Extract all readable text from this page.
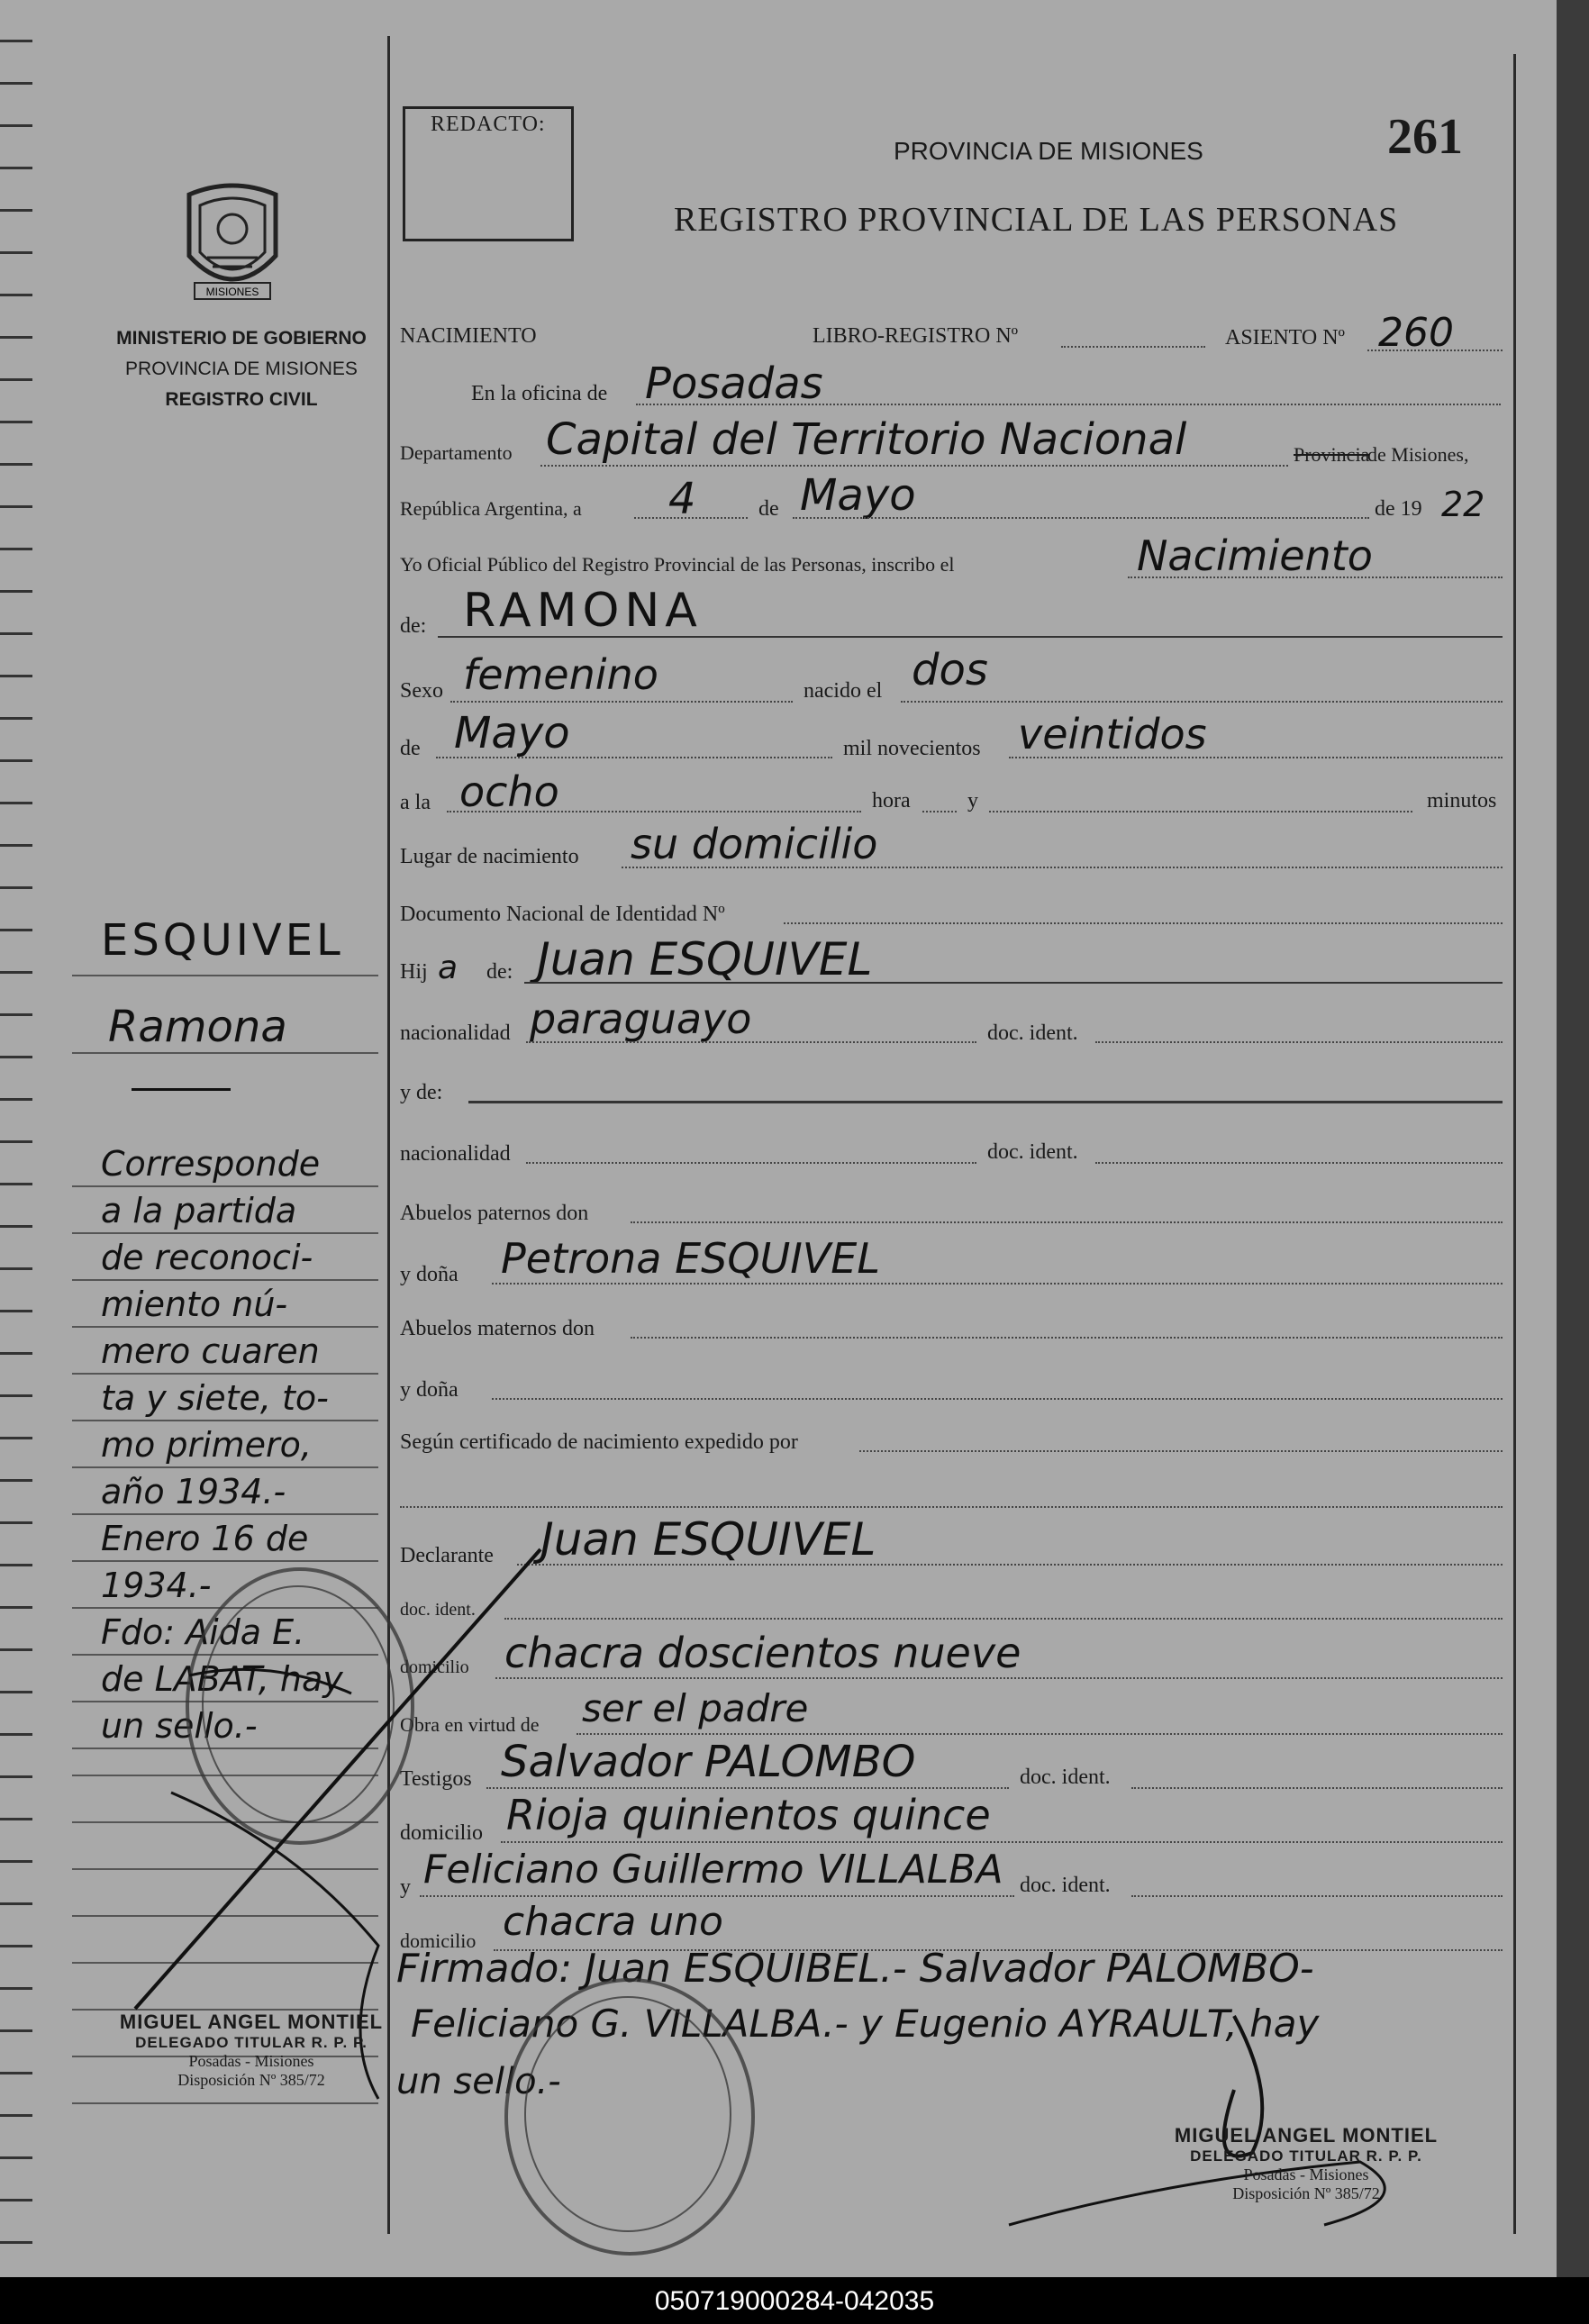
MISIONES
MINISTERIO DE GOBIERNO
PROVINCIA DE MISIONES
REGISTRO CIVIL
REDACTO:	261
PROVINCIA DE MISIONES
REGISTRO PROVINCIAL DE LAS PERSONAS
NACIMIENTO	LIBRO-REGISTRO Nº	ASIENTO Nº 260
En la oficina de Posadas
Departamento Capital del Territorio Nacional	Provincia
de Misiones,
República Argentina, a 4	de Mayo	de 19 22
Yo Oficial Público del Registro Provincial de las Personas, inscribo el	Nacimiento
de: RAMONA
Sexo femenino	nacido el dos
de Mayo	mil novecientos veintidos
a la ocho	hora	y	minutos
Lugar de nacimiento su domicilio
Documento Nacional de Identidad Nº
Hij a de: Juan ESQUIVEL
nacionalidad paraguayo	doc. ident.
y de:
nacionalidad	doc. ident.
Abuelos paternos don
y doña Petrona ESQUIVEL
Abuelos maternos don
y doña
Según certificado de nacimiento expedido por
Declarante Juan ESQUIVEL
doc. ident.
domicilio chacra doscientos nueve
Obra en virtud de ser el padre
Testigos Salvador PALOMBO	doc. ident.
domicilio Rioja quinientos quince
y Feliciano Guillermo VILLALBA doc. ident.
domicilio chacra uno
Firmado: Juan ESQUIBEL.- Salvador PALOMBO-
Feliciano G. VILLALBA.- y Eugenio AYRAULT, hay
un sello.-
ESQUIVEL
Ramona
Corresponde
a la partida
de reconoci-
miento nú-
mero cuaren
ta y siete, to-
mo primero,
año 1934.-
Enero 16 de
1934.-
Fdo: Aida E.
de LABAT, hay
un sello.-
MIGUEL ANGEL MONTIEL
DELEGADO TITULAR R. P. P.
Posadas - Misiones
Disposición Nº 385/72
MIGUEL ANGEL MONTIEL
DELEGADO TITULAR R. P. P.
Posadas - Misiones
Disposición Nº 385/72
050719000284-042035
